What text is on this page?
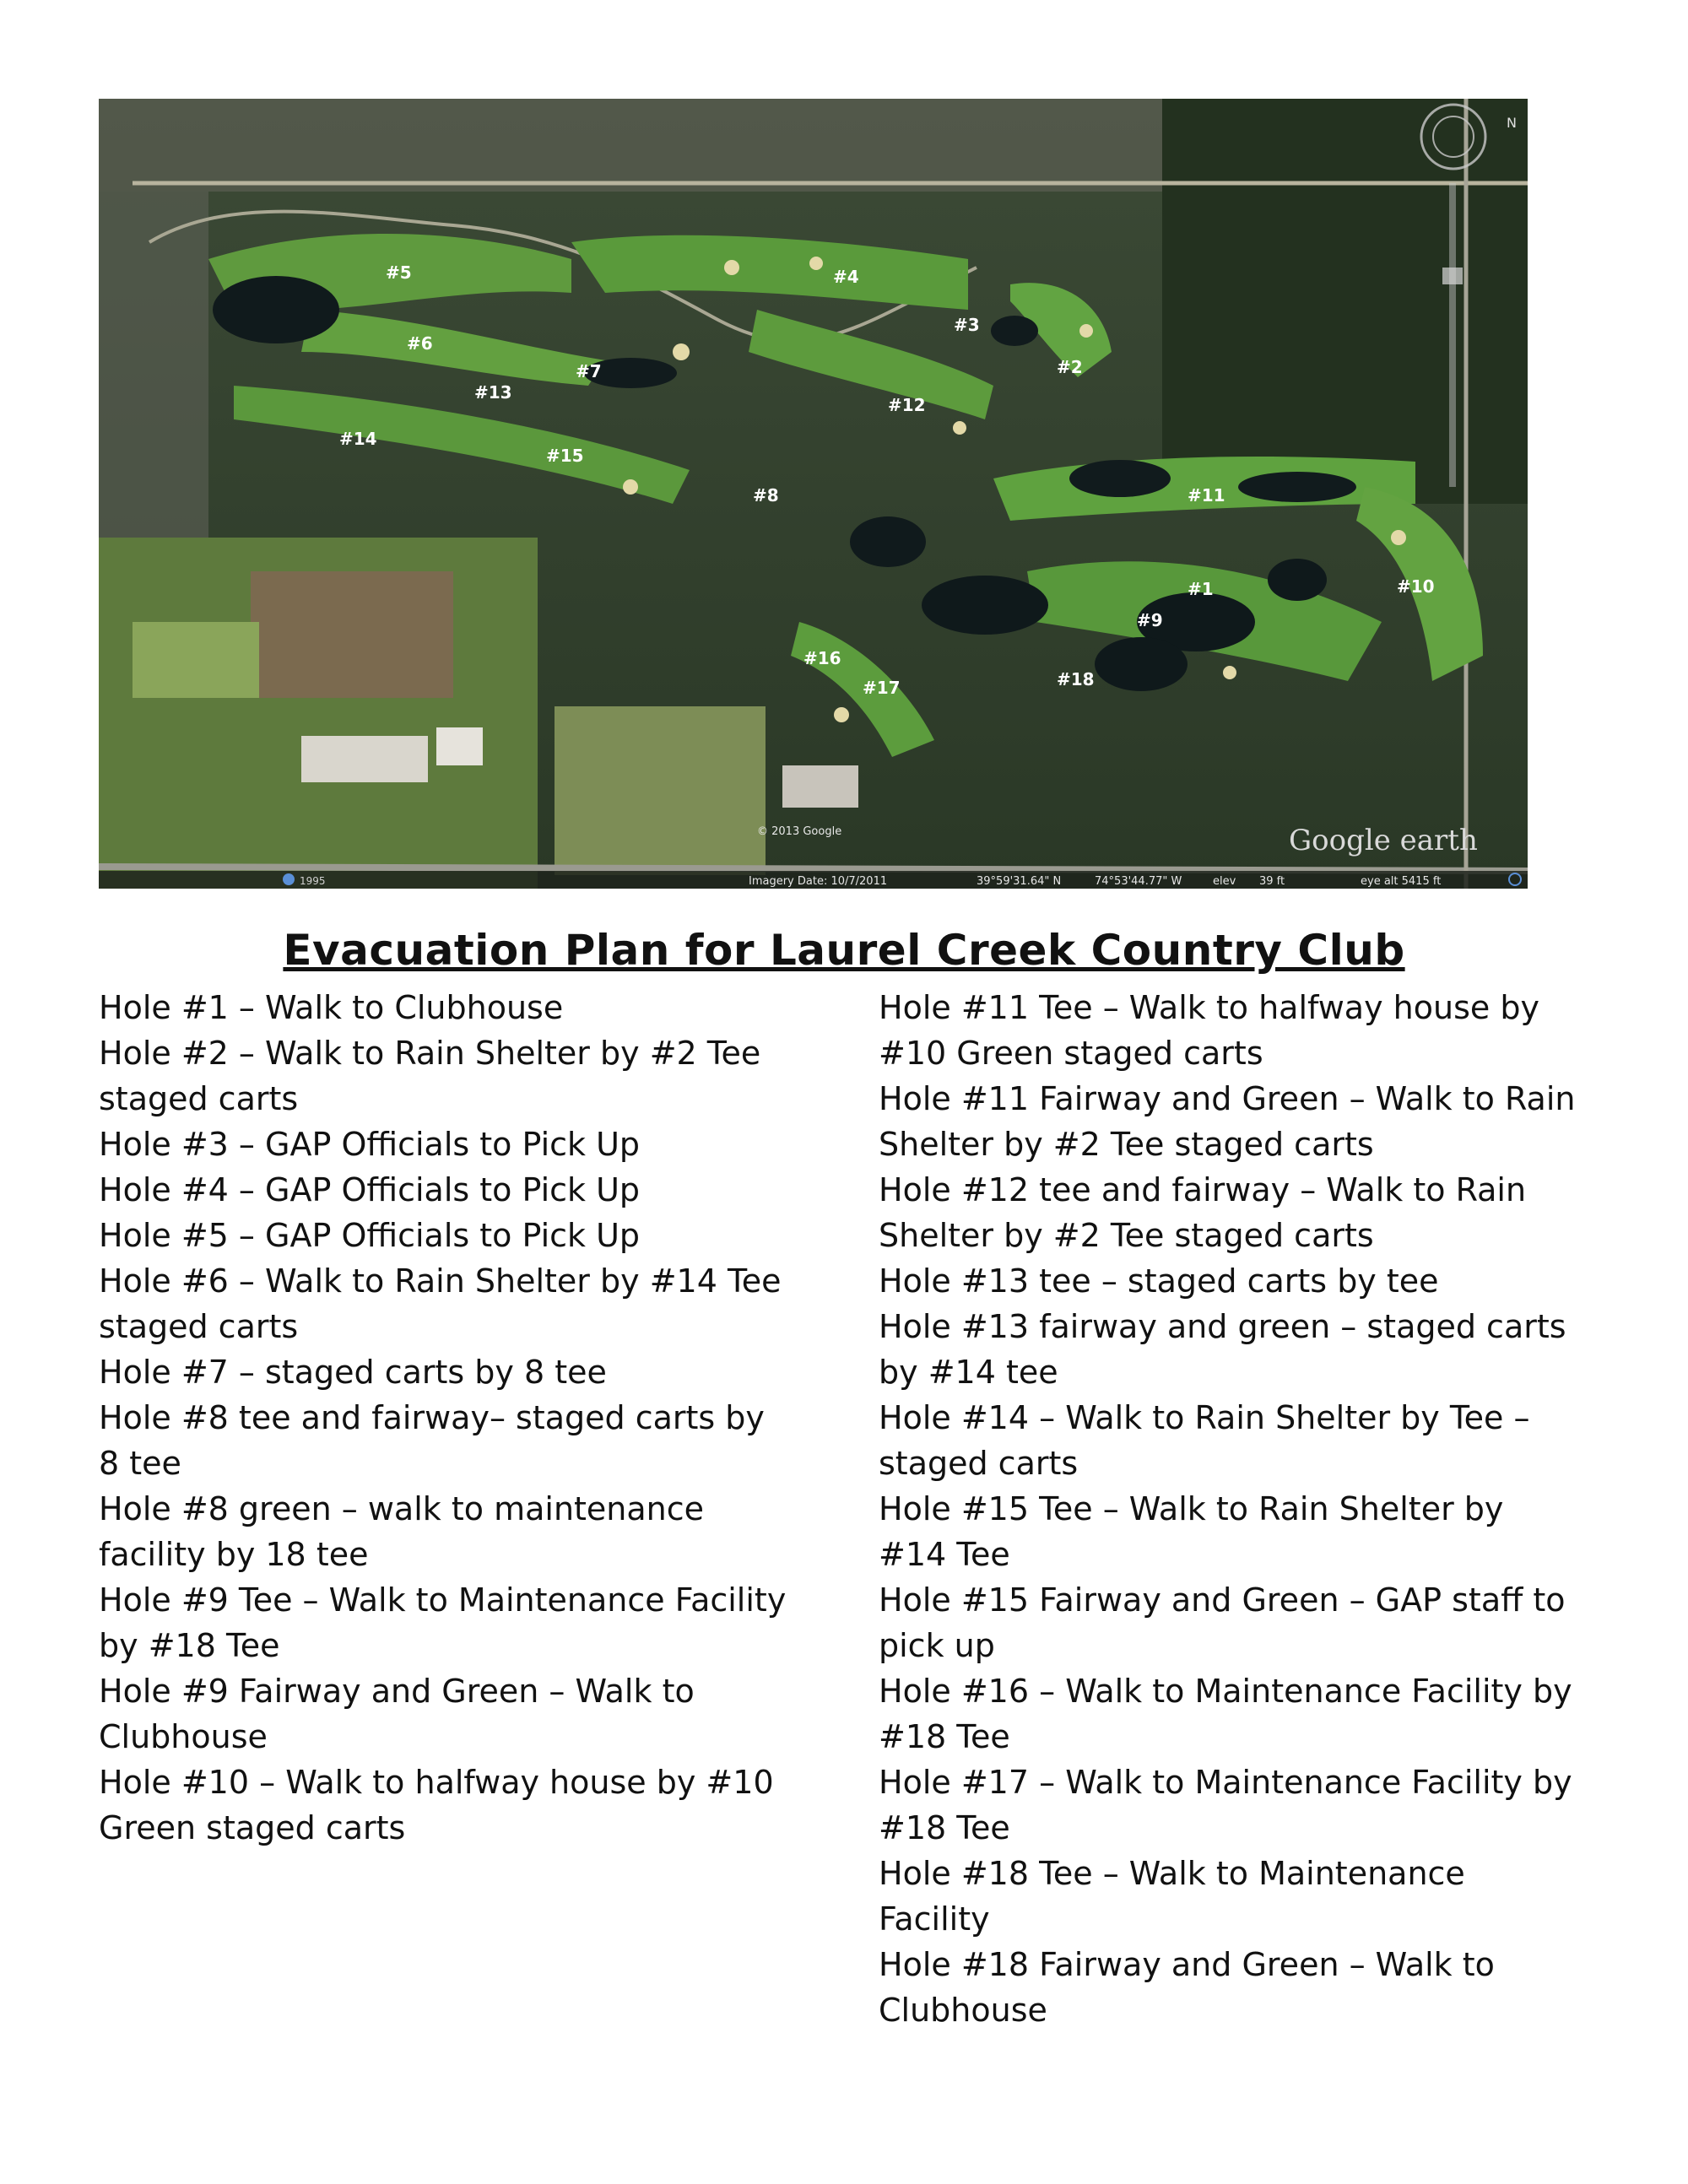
N
#4
#5
#3
#6
#7	#2
#12
#13
#14
#15
#8	#11
#1	#10
#9
#16
#17	#18
© 2013 Google	Google earth
1995	Imagery Date: 10/7/2011	39°59'31.64" N	74°53'44.77" W	elev 39 ft	eye alt 5415 ft
Evacuation Plan for Laurel Creek Country Club

Hole #1 – Walk to Clubhouse

Hole #2 – Walk to Rain Shelter by #2 Tee staged carts

Hole #3 – GAP Officials to Pick Up

Hole #4 – GAP Officials to Pick Up

Hole #5 – GAP Officials to Pick Up

Hole #6 – Walk to Rain Shelter by #14 Tee staged carts

Hole #7 – staged carts by 8 tee

Hole #8 tee and fairway– staged carts by 8 tee

Hole #8 green – walk to maintenance facility by 18 tee

Hole #9 Tee – Walk to Maintenance Facility by #18 Tee

Hole #9 Fairway and Green – Walk to Clubhouse

Hole #10 – Walk to halfway house by #10 Green staged carts

Hole #11 Tee – Walk to halfway house by #10 Green staged carts

Hole #11 Fairway and Green – Walk to Rain Shelter by #2 Tee staged carts

Hole #12 tee and fairway – Walk to Rain Shelter by #2 Tee staged carts

Hole #13 tee – staged carts by tee

Hole #13 fairway and green – staged carts by #14 tee

Hole #14 – Walk to Rain Shelter by Tee – staged carts

Hole #15 Tee – Walk to Rain Shelter by #14 Tee

Hole #15 Fairway and Green – GAP staff to pick up

Hole #16 – Walk to Maintenance Facility by #18 Tee

Hole #17 – Walk to Maintenance Facility by #18 Tee

Hole #18 Tee – Walk to Maintenance Facility

Hole #18 Fairway and Green – Walk to Clubhouse
